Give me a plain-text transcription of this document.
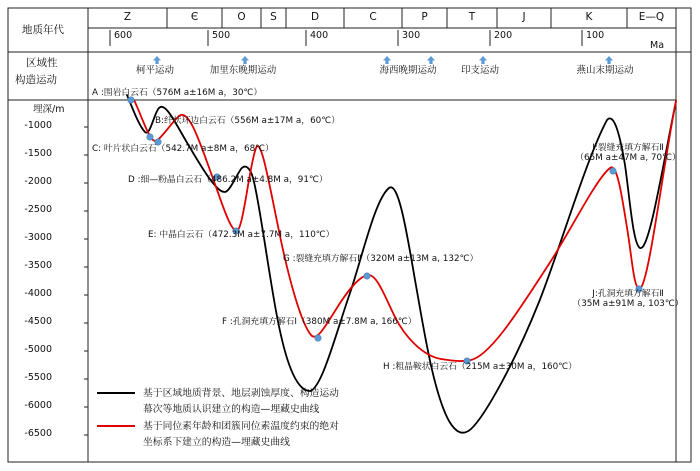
地质年代
区域性
构造运动
Ma
埋深/m
基于区域地质背景、地层剥蚀厚度、构造运动
幕次等地质认识建立的构造—埋藏史曲线
基于同位素年龄和团簇同位素温度约束的绝对
坐标系下建立的构造—埋藏史曲线
Z	Є	O	S	D	C	P	T	J	K	E—Q
600	500	400	300	200	100
-1000
-1500
-2000
-2500
-3000
-3500
-4000
-4500
-5000
-5500
-6000
-6500
柯平运动	加里东晚期运动	海西晚期运动	印支运动	燕山末期运动
A :围岩白云石（576M a±16M a，30℃）
B:纤状环边白云石（556M a±17M a，60℃）
C: 叶片状白云石（542.7M a±8M a，68℃）
D :细—粉晶白云石（486.2M a±4.8M a，91℃）
E: 中晶白云石（472.3M a±7.7M a，110℃）
G :裂缝充填方解石Ⅱ（320M a±13M a, 132℃）
F :孔洞充填方解石Ⅰ（380M a±7.8M a, 166℃）
H :粗晶鞍状白云石（215M a±30M a，160℃）
I:裂缝充填方解石Ⅱ
（65M a±47M a, 70℃）
J:孔洞充填方解石Ⅱ
（35M a±91M a, 103℃）
